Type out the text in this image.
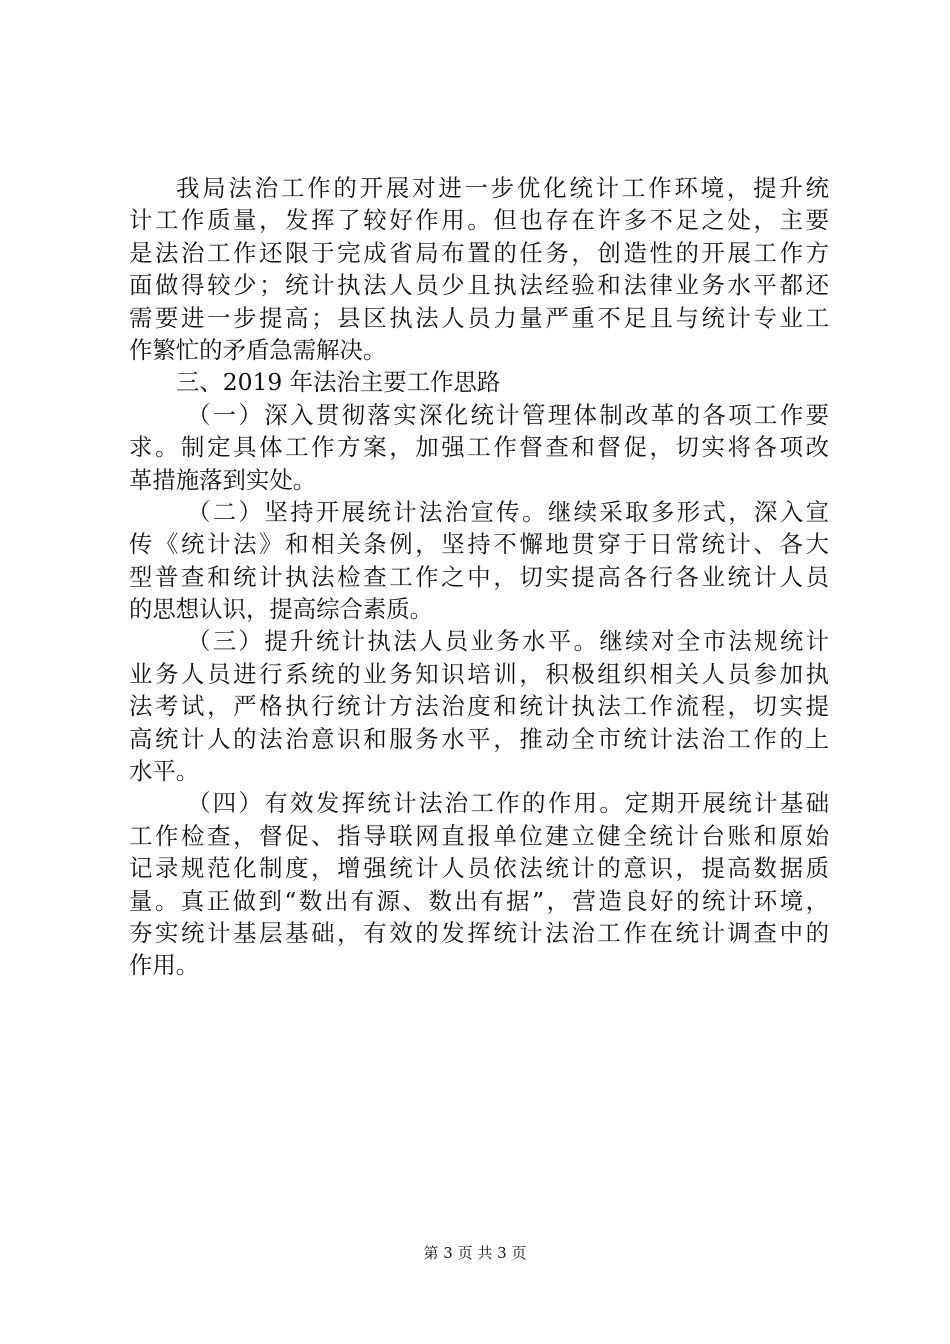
我局法治工作的开展对进一步优化统计工作环境，提升统
计工作质量，发挥了较好作用。但也存在许多不足之处，主要
是法治工作还限于完成省局布置的任务，创造性的开展工作方
面做得较少；统计执法人员少且执法经验和法律业务水平都还
需要进一步提高；县区执法人员力量严重不足且与统计专业工
作繁忙的矛盾急需解决。
三、2019 年法治主要工作思路
（一）深入贯彻落实深化统计管理体制改革的各项工作要
求。制定具体工作方案，加强工作督查和督促，切实将各项改
革措施落到实处。
（二）坚持开展统计法治宣传。继续采取多形式，深入宣
传《统计法》和相关条例，坚持不懈地贯穿于日常统计、各大
型普查和统计执法检查工作之中，切实提高各行各业统计人员
的思想认识，提高综合素质。
（三）提升统计执法人员业务水平。继续对全市法规统计
业务人员进行系统的业务知识培训，积极组织相关人员参加执
法考试，严格执行统计方法治度和统计执法工作流程，切实提
高统计人的法治意识和服务水平，推动全市统计法治工作的上
水平。
（四）有效发挥统计法治工作的作用。定期开展统计基础
工作检查，督促、指导联网直报单位建立健全统计台账和原始
记录规范化制度，增强统计人员依法统计的意识，提高数据质
量。真正做到“数出有源、数出有据”，营造良好的统计环境，
夯实统计基层基础，有效的发挥统计法治工作在统计调查中的
作用。
第 3 页 共 3 页
